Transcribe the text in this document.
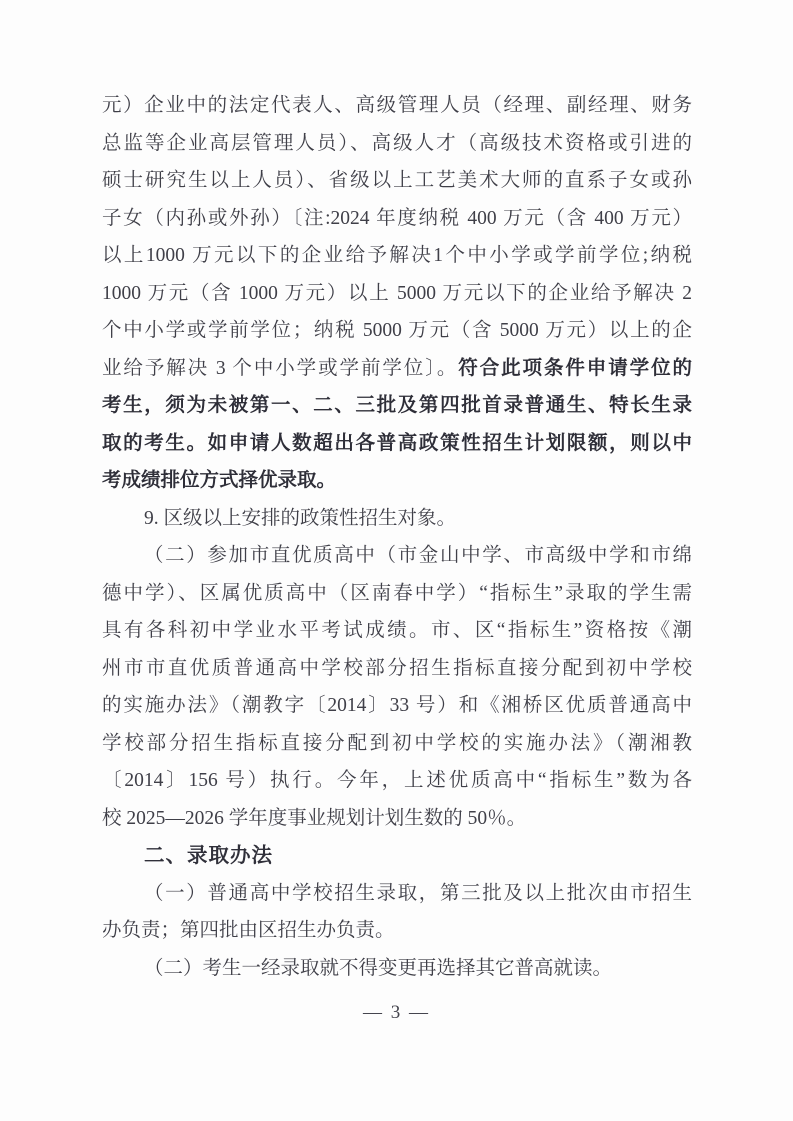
元）企业中的法定代表人、高级管理人员（经理、副经理、财务
总监等企业高层管理人员）、高级人才（高级技术资格或引进的
硕士研究生以上人员）、省级以上工艺美术大师的直系子女或孙
子女（内孙或外孙）〔注:2024 年度纳税 400 万元（含 400 万元）
以上1000 万元以下的企业给予解决1个中小学或学前学位;纳税
1000 万元（含 1000 万元）以上 5000 万元以下的企业给予解决 2
个中小学或学前学位；纳税 5000 万元（含 5000 万元）以上的企
业给予解决 3 个中小学或学前学位〕。符合此项条件申请学位的
考生，须为未被第一、二、三批及第四批首录普通生、特长生录
取的考生。如申请人数超出各普高政策性招生计划限额，则以中
考成绩排位方式择优录取。
9. 区级以上安排的政策性招生对象。
（二）参加市直优质高中（市金山中学、市高级中学和市绵
德中学）、区属优质高中（区南春中学）“指标生”录取的学生需
具有各科初中学业水平考试成绩。市、区“指标生”资格按《潮
州市市直优质普通高中学校部分招生指标直接分配到初中学校
的实施办法》（潮教字〔2014〕33 号）和《湘桥区优质普通高中
学校部分招生指标直接分配到初中学校的实施办法》（潮湘教
〔2014〕156 号）执行。今年，上述优质高中“指标生”数为各
校 2025—2026 学年度事业规划计划生数的 50％。
二、录取办法
（一）普通高中学校招生录取，第三批及以上批次由市招生
办负责；第四批由区招生办负责。
（二）考生一经录取就不得变更再选择其它普高就读。
— 3 —
